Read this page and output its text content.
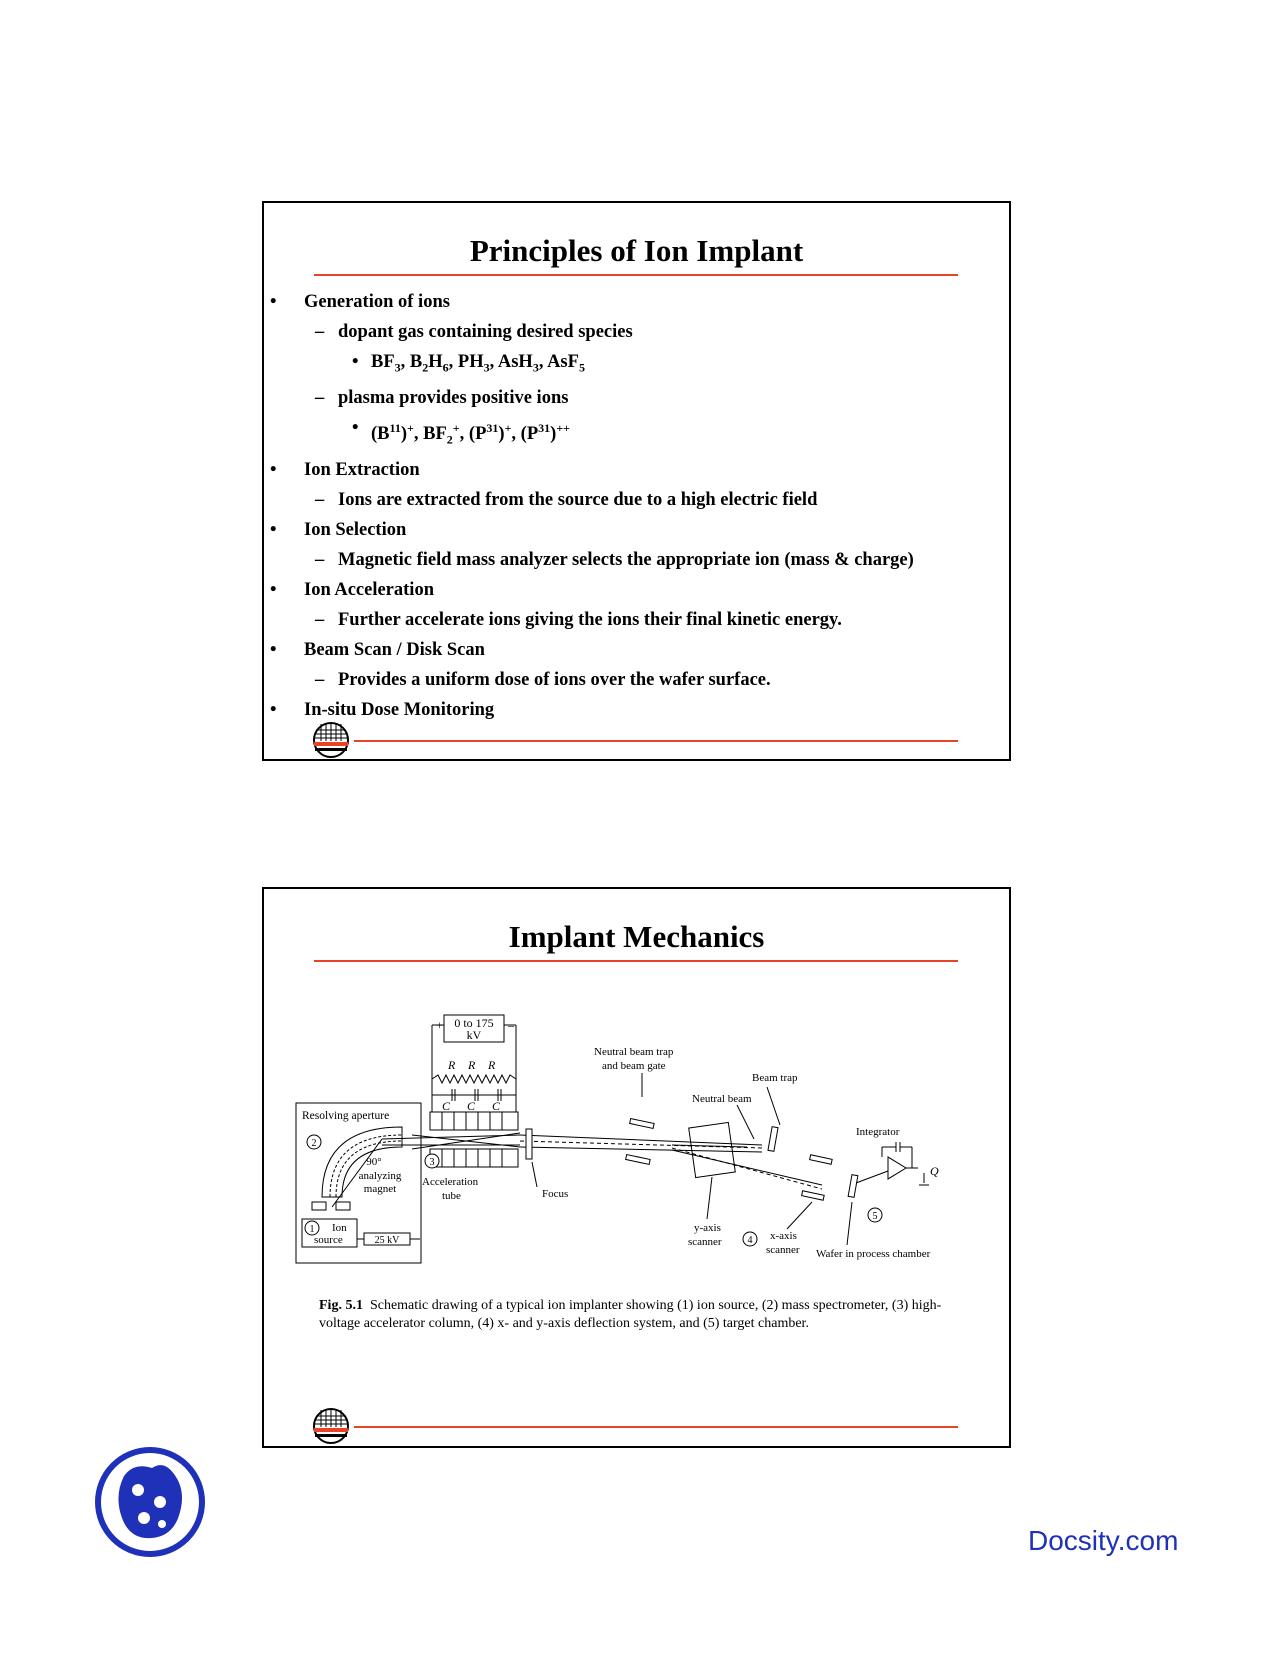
Principles of Ion Implant
• Generation of ions
– dopant gas containing desired species
• $BF_3$, $B_2H_6$, $PH_3$, AsH$_3$, AsF$_5$
– plasma provides positive ions
• $(B^{11})^+$, $BF_2^+$, $(P^{31})^+$, $(P^{31})^{++}$
• Ion Extraction
– Ions are extracted from the source due to a high electric field
• Ion Selection
– Magnetic field mass analyzer selects the appropriate ion (mass & charge)
• Ion Acceleration
– Further accelerate ions giving the ions their final kinetic energy.
• Beam Scan / Disk Scan
– Provides a uniform dose of ions over the wafer surface.
• In-situ Dose Monitoring
Implant Mechanics
+ 0 to 175
kV
–
R R R
C C C
Resolving aperture
2
90°
analyzing
magnet
1 Ion
source	25 kV
Focus
Acceleration
tube
3
Neutral beam trap
and beam gate
Neutral beam
Beam trap
Integrator
Q
5
y-axis
scanner	4 x-axis
scanner Wafer in process chamber
Fig. 5.1 Schematic drawing of a typical ion implanter showing (1) ion source, (2) mass spectrometer, (3) high-voltage accelerator column, (4) x- and y-axis deflection system, and (5) target chamber.
Docsity.com
